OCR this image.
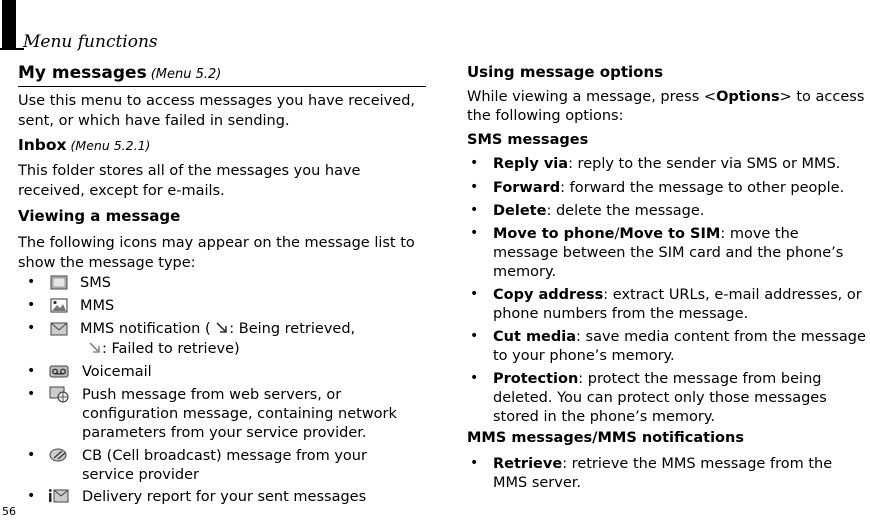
Menu functions
My messages (Menu 5.2)
Use this menu to access messages you have received, sent, or which have failed in sending.
Inbox (Menu 5.2.1)
This folder stores all of the messages you have received, except for e-mails.
Viewing a message
The following icons may appear on the message list to show the message type:
•	SMS
•	MMS
•	MMS notification ( : Being retrieved,
: Failed to retrieve)
•	Voicemail
•	Push message from web servers, or
configuration message, containing network
parameters from your service provider.
•	CB (Cell broadcast) message from your
service provider
•	Delivery report for your sent messages
56
Using message options
While viewing a message, press <Options> to access
the following options:
SMS messages
• Reply via: reply to the sender via SMS or MMS.
• Forward: forward the message to other people.
• Delete: delete the message.
• Move to phone/Move to SIM: move the
message between the SIM card and the phone’s
memory.
• Copy address: extract URLs, e-mail addresses, or
phone numbers from the message.
• Cut media: save media content from the message
to your phone’s memory.
• Protection: protect the message from being
deleted. You can protect only those messages
stored in the phone’s memory.
MMS messages/MMS notifications
• Retrieve: retrieve the MMS message from the
MMS server.
